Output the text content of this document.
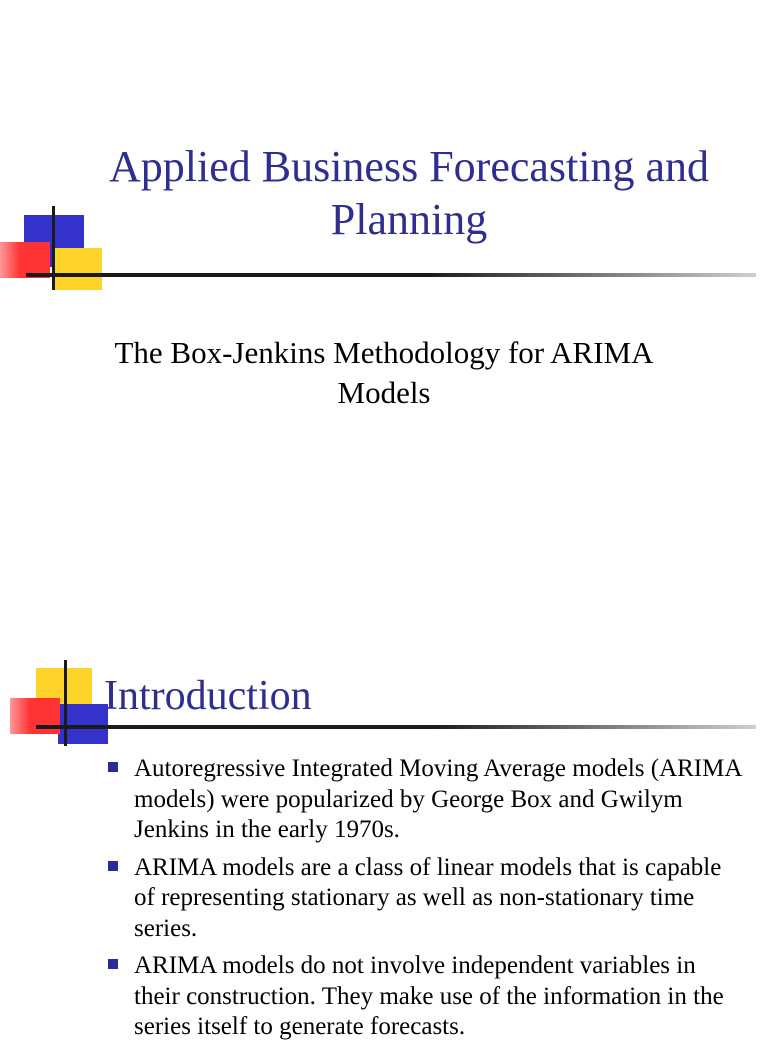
Applied Business Forecasting and Planning
The Box-Jenkins Methodology for ARIMA Models
Introduction
Autoregressive Integrated Moving Average models (ARIMA models) were popularized by George Box and Gwilym Jenkins in the early 1970s.
ARIMA models are a class of linear models that is capable of representing stationary as well as non-stationary time series.
ARIMA models do not involve independent variables in their construction. They make use of the information in the series itself to generate forecasts.
